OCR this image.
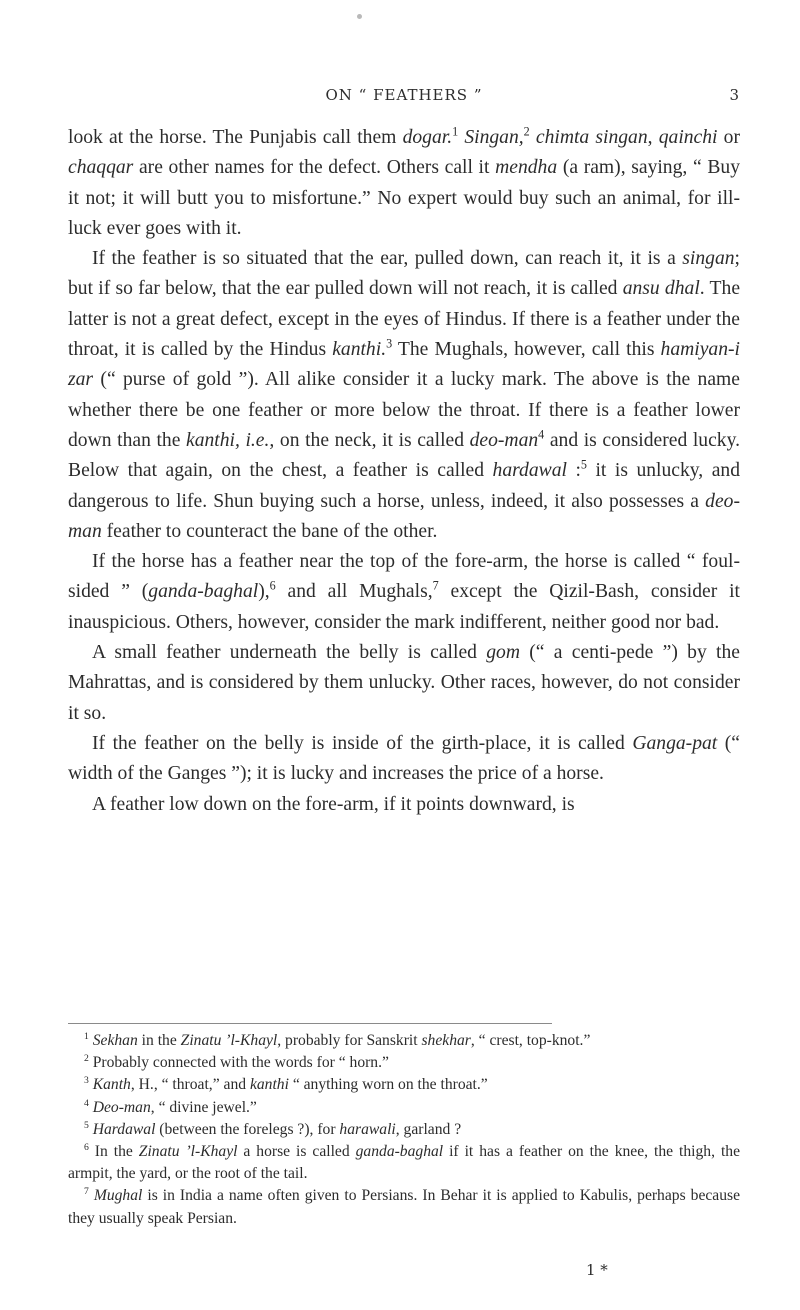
ON “ FEATHERS ”	3

look at the horse. The Punjabis call them dogar.$^1$ Singan,$^2$ chimta singan, qainchi or chaqqar are other names for the defect. Others call it mendha (a ram), saying, “ Buy it not; it will butt you to misfortune.” No expert would buy such an animal, for ill-luck ever goes with it.

If the feather is so situated that the ear, pulled down, can reach it, it is a singan; but if so far below, that the ear pulled down will not reach, it is called ansu dhal. The latter is not a great defect, except in the eyes of Hindus. If there is a feather under the throat, it is called by the Hindus kanthi.$^3$ The Mughals, however, call this hamiyan-i zar (“ purse of gold ”). All alike consider it a lucky mark. The above is the name whether there be one feather or more below the throat. If there is a feather lower down than the kanthi, i.e., on the neck, it is called deo-man$^4$ and is considered lucky. Below that again, on the chest, a feather is called hardawal :$^5$ it is unlucky, and dangerous to life. Shun buying such a horse, unless, indeed, it also possesses a deo-man feather to counteract the bane of the other.

If the horse has a feather near the top of the fore-arm, the horse is called “ foul-sided ” (ganda-baghal),$^6$ and all Mughals,$^7$ except the Qizil-Bash, consider it inauspicious. Others, however, consider the mark indifferent, neither good nor bad.

A small feather underneath the belly is called gom (“ a centi-pede ”) by the Mahrattas, and is considered by them unlucky. Other races, however, do not consider it so.

If the feather on the belly is inside of the girth-place, it is called Ganga-pat (“ width of the Ganges ”); it is lucky and increases the price of a horse.

A feather low down on the fore-arm, if it points downward, is

$^1$ Sekhan in the Zinatu ’l-Khayl, probably for Sanskrit shekhar, “ crest, top-knot.”

$^2$ Probably connected with the words for “ horn.”

$^3$ Kanth, H., “ throat,” and kanthi “ anything worn on the throat.”

$^4$ Deo-man, “ divine jewel.”

$^5$ Hardawal (between the forelegs ?), for harawali, garland ?

$^6$ In the Zinatu ’l-Khayl a horse is called ganda-baghal if it has a feather on the knee, the thigh, the armpit, the yard, or the root of the tail.

$^7$ Mughal is in India a name often given to Persians. In Behar it is applied to Kabulis, perhaps because they usually speak Persian.

1 *
